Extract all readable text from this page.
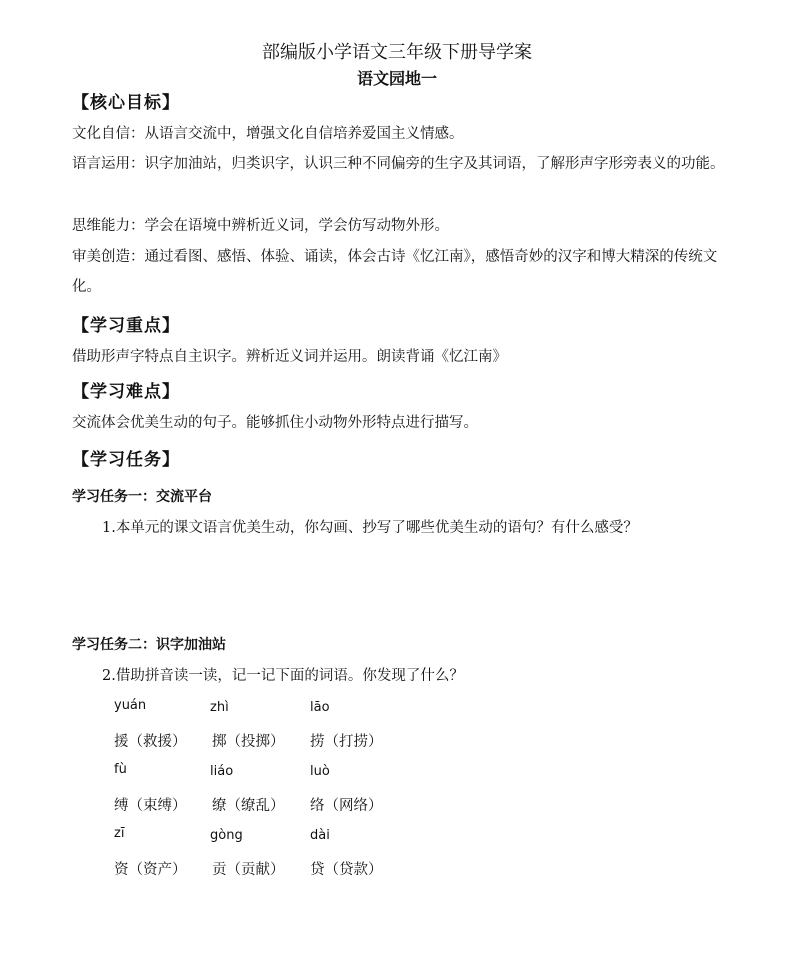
部编版小学语文三年级下册导学案
语文园地一
【核心目标】
文化自信：从语言交流中，增强文化自信培养爱国主义情感。
语言运用：识字加油站，归类识字，认识三种不同偏旁的生字及其词语，了解形声字形旁表义的功能。
思维能力：学会在语境中辨析近义词，学会仿写动物外形。
审美创造：通过看图、感悟、体验、诵读，体会古诗《忆江南》，感悟奇妙的汉字和博大精深的传统文化。
【学习重点】
借助形声字特点自主识字。辨析近义词并运用。朗读背诵《忆江南》
【学习难点】
交流体会优美生动的句子。能够抓住小动物外形特点进行描写。
【学习任务】
学习任务一：交流平台
1.本单元的课文语言优美生动，你勾画、抄写了哪些优美生动的语句？有什么感受？
学习任务二：识字加油站
2.借助拼音读一读，记一记下面的词语。你发现了什么？
yuán	zhì	lāo
援（救援） 掷（投掷） 捞（打捞）
fù	liáo	luò
缚（束缚） 缭（缭乱） 络（网络）
zī	gòng	dài
资（资产） 贡（贡献） 贷（贷款）
